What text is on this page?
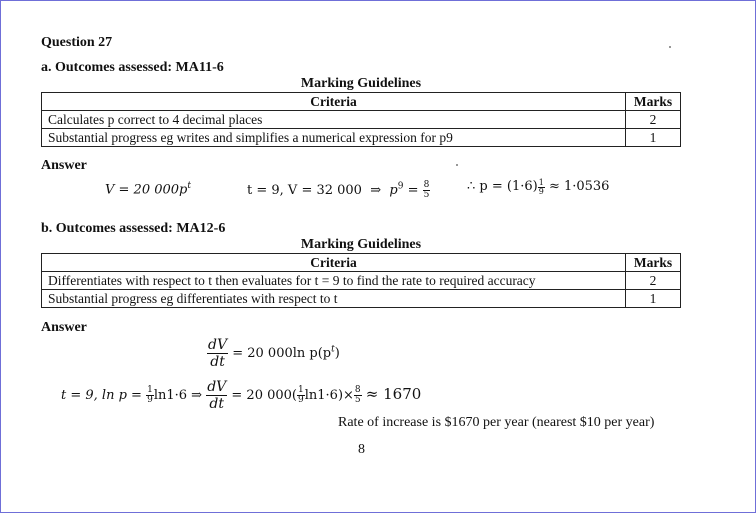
Question 27
a. Outcomes assessed: MA11-6
Marking Guidelines
Criteria	Marks
Calculates p correct to 4 decimal places	2
Substantial progress eg writes and simplifies a numerical expression for p9	1
Answer
V = 20 $000p^t$	t = 9, V = 32 000  ⇒  $p^9 = \frac{8}{5}$	∴ $p = (1\cdot 6) \frac{1}{9} \approx 1\cdot 0536$
b. Outcomes assessed: MA12-6
Marking Guidelines
Criteria	Marks
Differentiates with respect to t then evaluates for t = 9 to find the rate to required accuracy	2
Substantial progress eg differentiates with respect to t	1
Answer
$\frac{dV}{dt} = 20$ 000ln $p(p^t)$
t = 9, $\ln p = \frac{1}{9} \ln 1\cdot 6$ ⇒ $\frac{dV}{dt} = 20$ $000( \frac{1}{9} \ln 1\cdot 6)\times \frac{8}{5} \approx 1670$
Rate of increase is $1670 per year (nearest $10 per year)
8
